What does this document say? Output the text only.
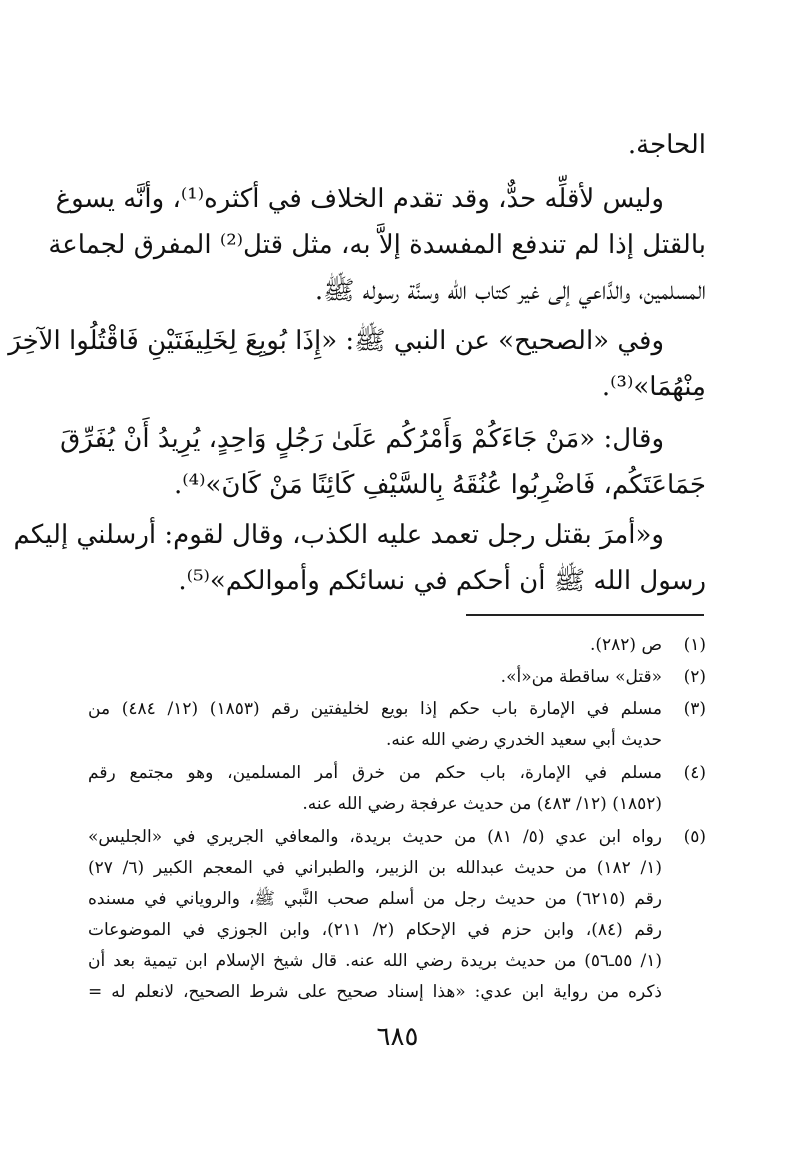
الحاجة.
وليس لأقلِّه حدٌّ، وقد تقدم الخلاف في أكثره⁽¹⁾، وأنَّه يسوغ
بالقتل إذا لم تندفع المفسدة إلاَّ به، مثل قتل⁽²⁾ المفرق لجماعة
المسلمين، والدَّاعي إلى غير كتاب الله وسنَّة رسوله ﷺ.
وفي «الصحيح» عن النبي ﷺ: «إِذَا بُويِعَ لِخَلِيفَتَيْنِ فَاقْتُلُوا الآخِرَ
مِنْهُمَا»⁽³⁾.
وقال: «مَنْ جَاءَكُمْ وَأَمْرُكُم عَلَىٰ رَجُلٍ وَاحِدٍ، يُرِيدُ أَنْ يُفَرِّقَ
جَمَاعَتَكُم، فَاضْرِبُوا عُنُقَهُ بِالسَّيْفِ كَائِنًا مَنْ كَانَ»⁽⁴⁾.
و«أمرَ بقتل رجل تعمد عليه الكذب، وقال لقوم: أرسلني إليكم
رسول الله ﷺ أن أحكم في نسائكم وأموالكم»⁽⁵⁾.
(١)
ص (٢٨٢).
(٢)
«قتل» ساقطة من«أ».
(٣)
مسلم في الإمارة باب حكم إذا بويع لخليفتين رقم (١٨٥٣) (١٢/ ٤٨٤) من
حديث أبي سعيد الخدري رضي الله عنه.
(٤)
مسلم في الإمارة، باب حكم من خرق أمر المسلمين، وهو مجتمع رقم
(١٨٥٢) (١٢/ ٤٨٣) من حديث عرفجة رضي الله عنه.
(٥)
رواه ابن عدي (٥/ ٨١) من حديث بريدة، والمعافي الجريري في «الجليس»
(١/ ١٨٢) من حديث عبدالله بن الزبير، والطبراني في المعجم الكبير (٦/ ٢٧)
رقم (٦٢١٥) من حديث رجل من أسلم صحب النَّبي ﷺ، والروياني في مسنده
رقم (٨٤)، وابن حزم في الإحكام (٢/ ٢١١)، وابن الجوزي في الموضوعات
(١/ ٥٥ـ٥٦) من حديث بريدة رضي الله عنه. قال شيخ الإسلام ابن تيمية بعد أن
ذكره من رواية ابن عدي: «هذا إسناد صحيح على شرط الصحيح، لانعلم له =
٦٨٥
